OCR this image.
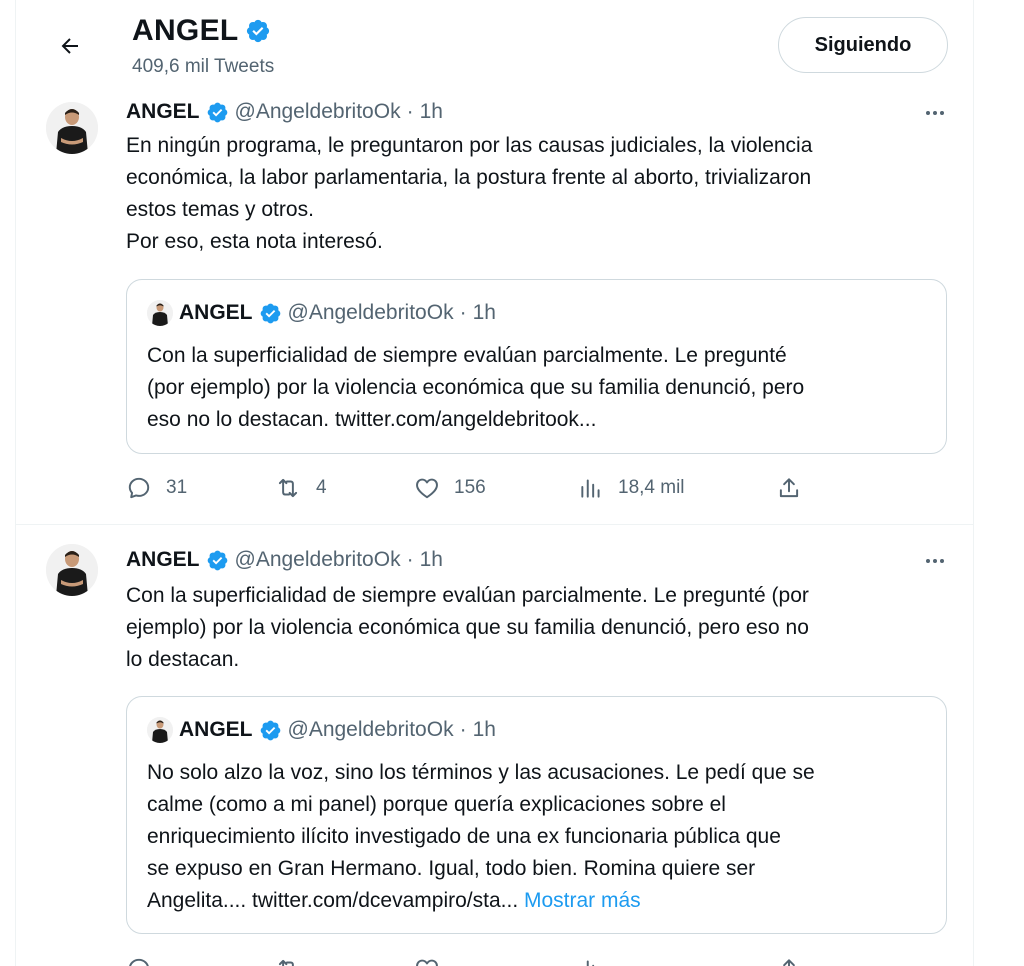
ANGEL
409,6 mil Tweets
Siguiendo
ANGEL @AngeldebritoOk · 1h
En ningún programa, le preguntaron por las causas judiciales, la violencia
económica, la labor parlamentaria, la postura frente al aborto, trivializaron
estos temas y otros.
Por eso, esta nota interesó.
ANGEL @AngeldebritoOk · 1h
Con la superficialidad de siempre evalúan parcialmente. Le pregunté
(por ejemplo) por la violencia económica que su familia denunció, pero
eso no lo destacan. twitter.com/angeldebritook...
31	4	156	18,4 mil
ANGEL @AngeldebritoOk · 1h
Con la superficialidad de siempre evalúan parcialmente. Le pregunté (por
ejemplo) por la violencia económica que su familia denunció, pero eso no
lo destacan.
ANGEL @AngeldebritoOk · 1h
No solo alzo la voz, sino los términos y las acusaciones. Le pedí que se
calme (como a mi panel) porque quería explicaciones sobre el
enriquecimiento ilícito investigado de una ex funcionaria pública que
se expuso en Gran Hermano. Igual, todo bien. Romina quiere ser
Angelita.... twitter.com/dcevampiro/sta... Mostrar más
